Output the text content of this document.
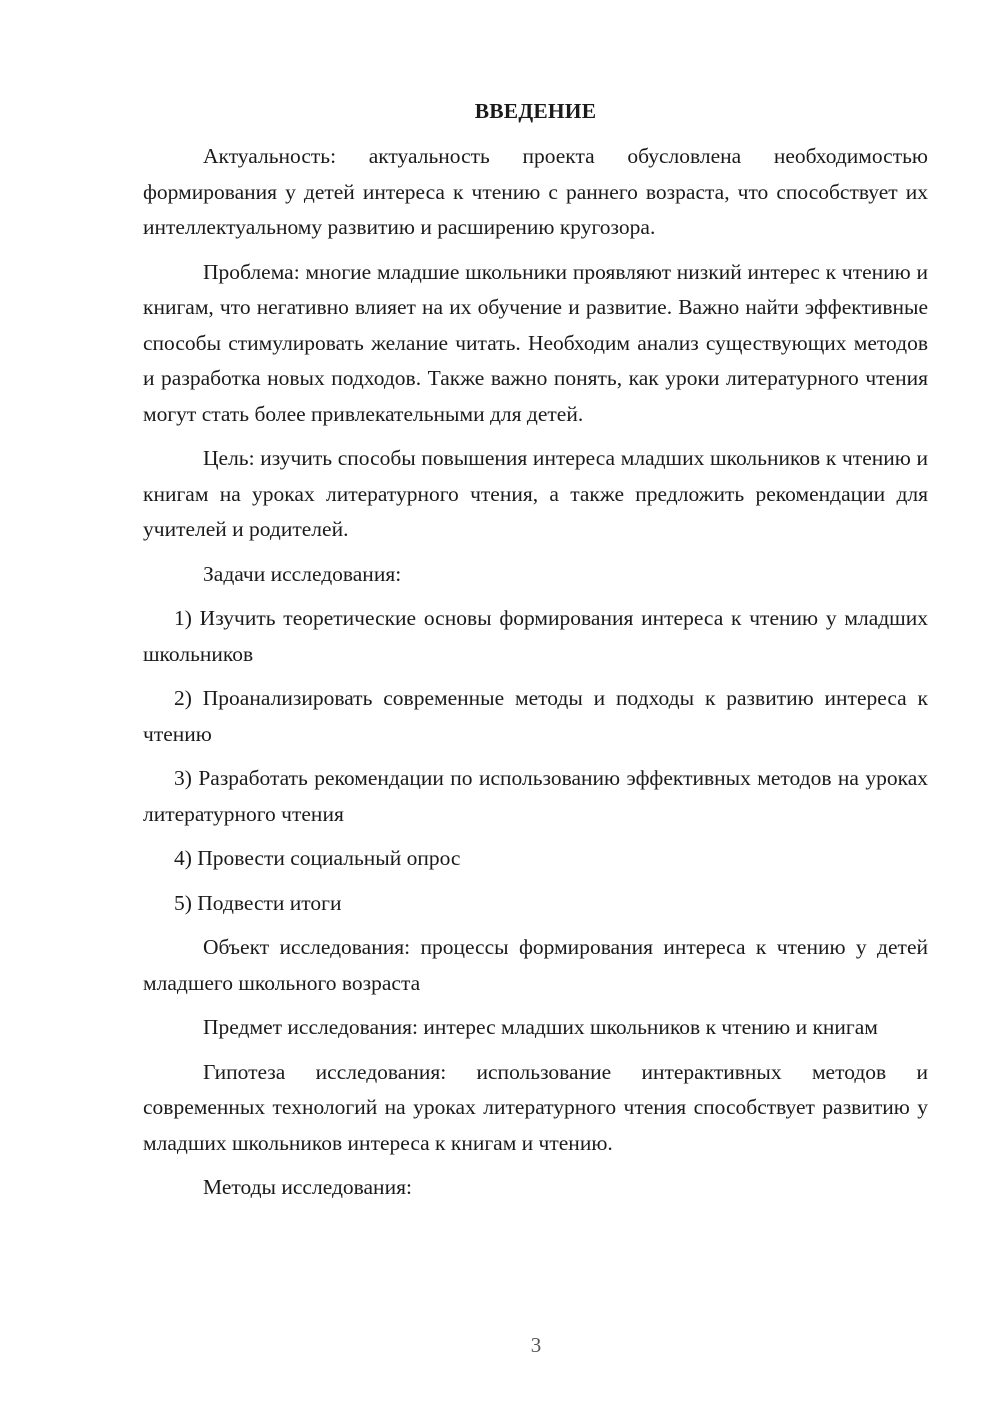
ВВЕДЕНИЕ

Актуальность: актуальность проекта обусловлена необходимостью формирования у детей интереса к чтению с раннего возраста, что способствует их интеллектуальному развитию и расширению кругозора.

Проблема: многие младшие школьники проявляют низкий интерес к чтению и книгам, что негативно влияет на их обучение и развитие. Важно найти эффективные способы стимулировать желание читать. Необходим анализ существующих методов и разработка новых подходов. Также важно понять, как уроки литературного чтения могут стать более привлекательными для детей.

Цель: изучить способы повышения интереса младших школьников к чтению и книгам на уроках литературного чтения, а также предложить рекомендации для учителей и родителей.

Задачи исследования:

1) Изучить теоретические основы формирования интереса к чтению у младших школьников

2) Проанализировать современные методы и подходы к развитию интереса к чтению

3) Разработать рекомендации по использованию эффективных методов на уроках литературного чтения

4) Провести социальный опрос

5) Подвести итоги

Объект исследования: процессы формирования интереса к чтению у детей младшего школьного возраста

Предмет исследования: интерес младших школьников к чтению и книгам

Гипотеза исследования: использование интерактивных методов и современных технологий на уроках литературного чтения способствует развитию у младших школьников интереса к книгам и чтению.

Методы исследования:

3
